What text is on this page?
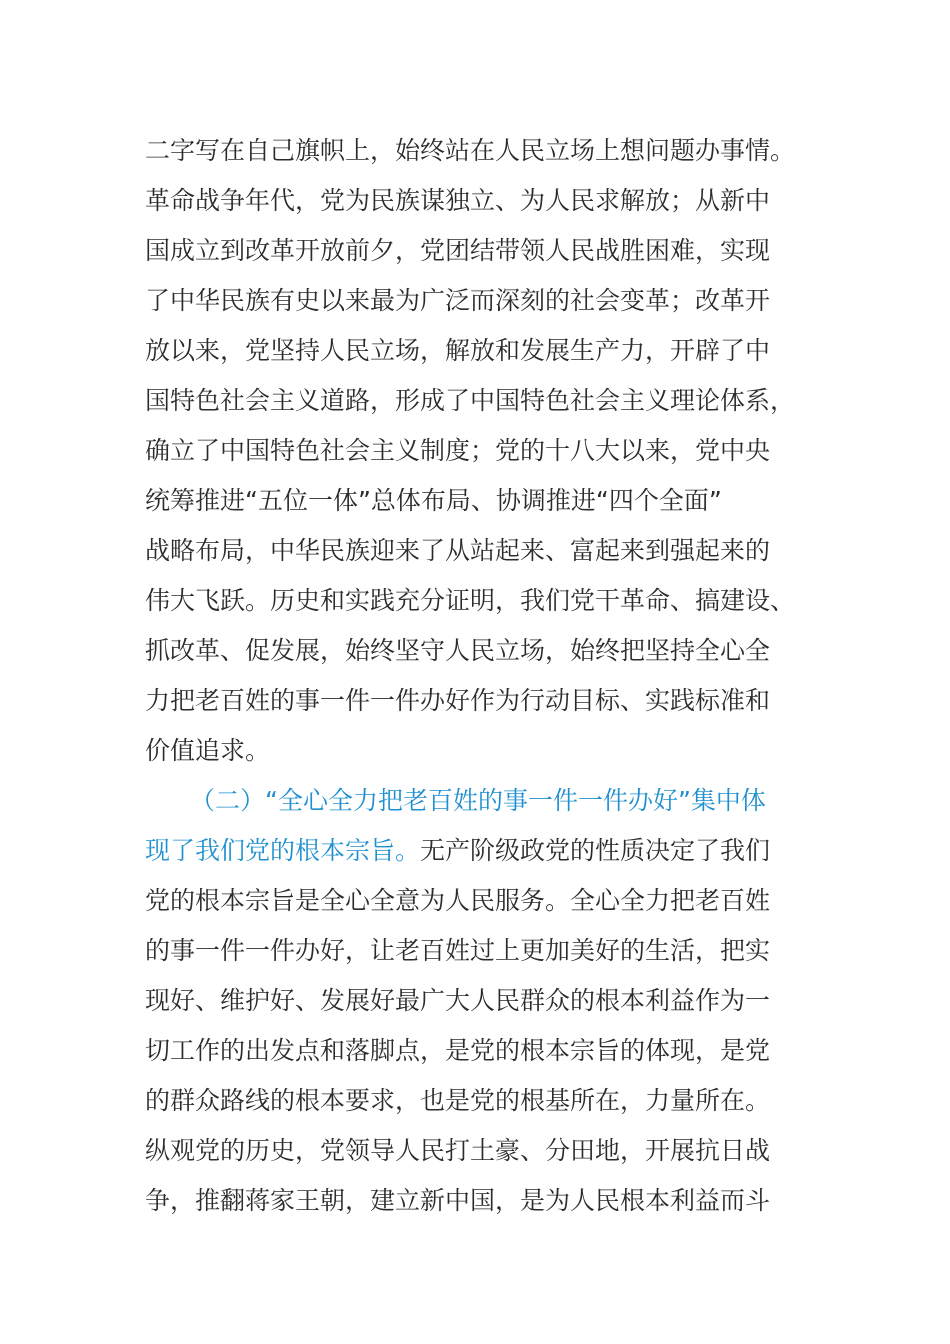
二字写在自己旗帜上，始终站在人民立场上想问题办事情。
革命战争年代，党为民族谋独立、为人民求解放；从新中
国成立到改革开放前夕，党团结带领人民战胜困难，实现
了中华民族有史以来最为广泛而深刻的社会变革；改革开
放以来，党坚持人民立场，解放和发展生产力，开辟了中
国特色社会主义道路，形成了中国特色社会主义理论体系，
确立了中国特色社会主义制度；党的十八大以来，党中央
统筹推进“五位一体”总体布局、协调推进“四个全面”
战略布局，中华民族迎来了从站起来、富起来到强起来的
伟大飞跃。历史和实践充分证明，我们党干革命、搞建设、
抓改革、促发展，始终坚守人民立场，始终把坚持全心全
力把老百姓的事一件一件办好作为行动目标、实践标准和
价值追求。
（二）“全心全力把老百姓的事一件一件办好”集中体
现了我们党的根本宗旨。无产阶级政党的性质决定了我们
党的根本宗旨是全心全意为人民服务。全心全力把老百姓
的事一件一件办好，让老百姓过上更加美好的生活，把实
现好、维护好、发展好最广大人民群众的根本利益作为一
切工作的出发点和落脚点，是党的根本宗旨的体现，是党
的群众路线的根本要求，也是党的根基所在，力量所在。
纵观党的历史，党领导人民打土豪、分田地，开展抗日战
争，推翻蒋家王朝，建立新中国，是为人民根本利益而斗
